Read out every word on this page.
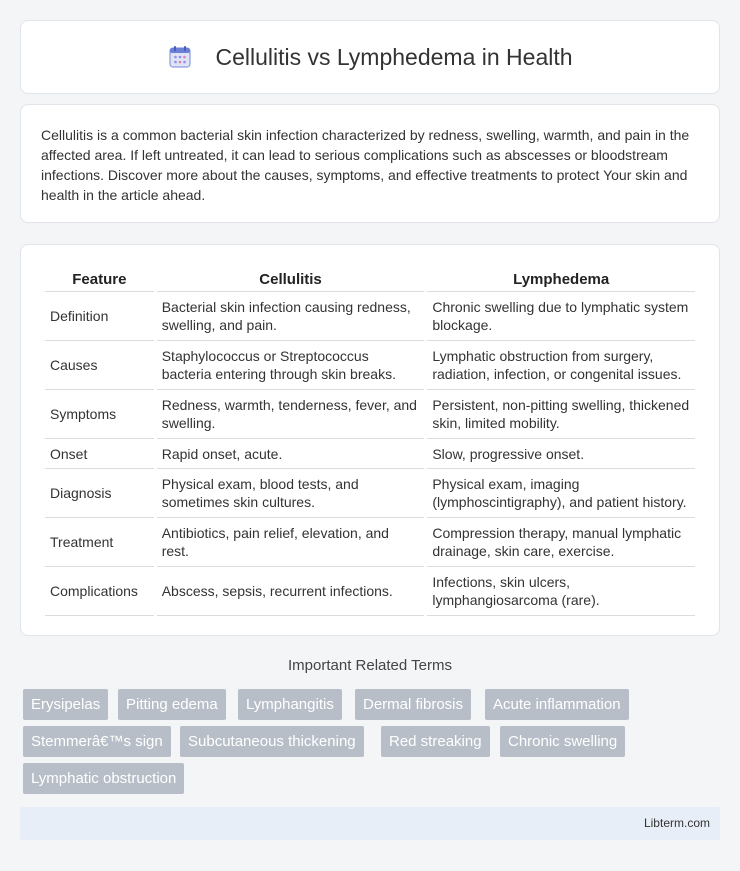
Cellulitis vs Lymphedema in Health

Cellulitis is a common bacterial skin infection characterized by redness, swelling, warmth, and pain in the affected area. If left untreated, it can lead to serious complications such as abscesses or bloodstream infections. Discover more about the causes, symptoms, and effective treatments to protect Your skin and health in the article ahead.

Feature	Cellulitis	Lymphedema
Definition	Bacterial skin infection causing redness, swelling, and pain.	Chronic swelling due to lymphatic system blockage.
Causes	Staphylococcus or Streptococcus bacteria entering through skin breaks.	Lymphatic obstruction from surgery, radiation, infection, or congenital issues.
Symptoms	Redness, warmth, tenderness, fever, and swelling.	Persistent, non-pitting swelling, thickened skin, limited mobility.
Onset	Rapid onset, acute.	Slow, progressive onset.
Diagnosis	Physical exam, blood tests, and sometimes skin cultures.	Physical exam, imaging (lymphoscintigraphy), and patient history.
Treatment	Antibiotics, pain relief, elevation, and rest.	Compression therapy, manual lymphatic drainage, skin care, exercise.
Complications	Abscess, sepsis, recurrent infections.	Infections, skin ulcers, lymphangiosarcoma (rare).
Important Related Terms
Erysipelas	Pitting edema	Lymphangitis	Dermal fibrosis	Acute inflammation
Stemmerâ€™s sign	Subcutaneous thickening	Red streaking	Chronic swelling
Lymphatic obstruction
Libterm.com
